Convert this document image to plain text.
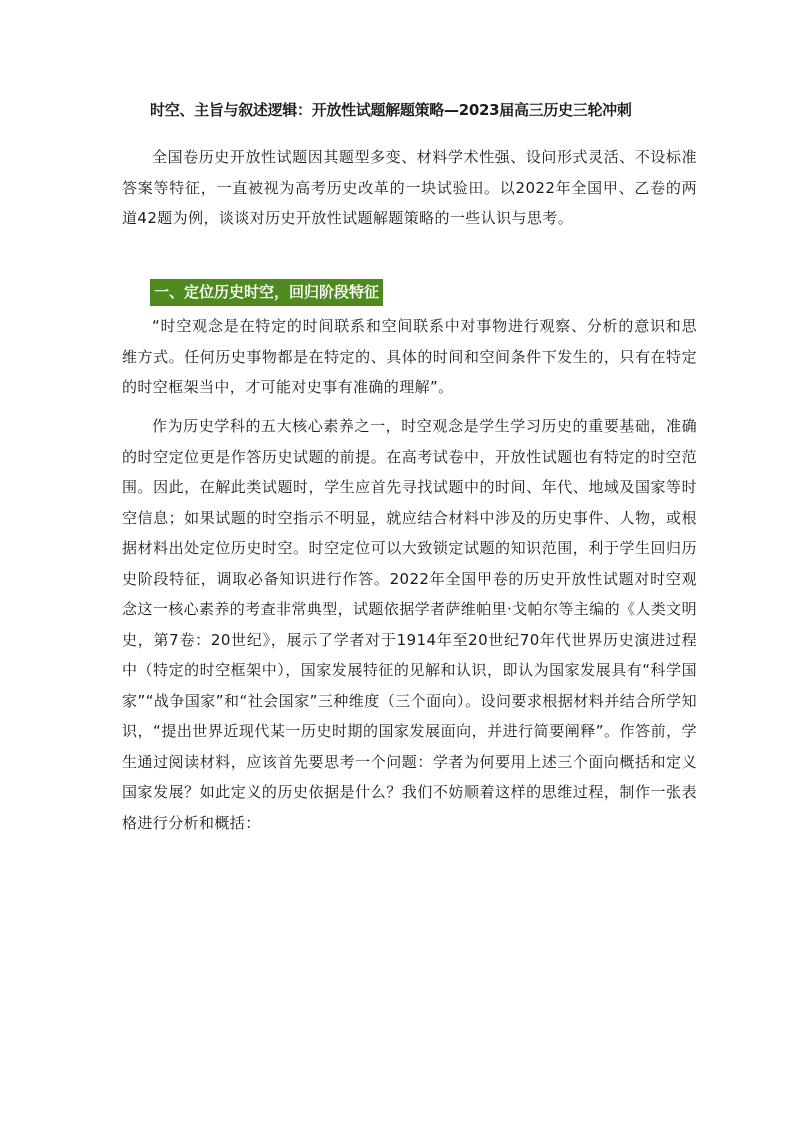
时空、主旨与叙述逻辑：开放性试题解题策略—2023届高三历史三轮冲刺

全国卷历史开放性试题因其题型多变、材料学术性强、设问形式灵活、不设标准答案等特征，一直被视为高考历史改革的一块试验田。以2022年全国甲、乙卷的两道42题为例，谈谈对历史开放性试题解题策略的一些认识与思考。

一、定位历史时空，回归阶段特征

“时空观念是在特定的时间联系和空间联系中对事物进行观察、分析的意识和思维方式。任何历史事物都是在特定的、具体的时间和空间条件下发生的，只有在特定的时空框架当中，才可能对史事有准确的理解”。

作为历史学科的五大核心素养之一，时空观念是学生学习历史的重要基础，准确的时空定位更是作答历史试题的前提。在高考试卷中，开放性试题也有特定的时空范围。因此，在解此类试题时，学生应首先寻找试题中的时间、年代、地域及国家等时空信息；如果试题的时空指示不明显，就应结合材料中涉及的历史事件、人物，或根据材料出处定位历史时空。时空定位可以大致锁定试题的知识范围，利于学生回归历史阶段特征，调取必备知识进行作答。2022年全国甲卷的历史开放性试题对时空观念这一核心素养的考查非常典型，试题依据学者萨维帕里·戈帕尔等主编的《人类文明史，第7卷：20世纪》，展示了学者对于1914年至20世纪70年代世界历史演进过程中（特定的时空框架中），国家发展特征的见解和认识，即认为国家发展具有“科学国家”“战争国家”和“社会国家”三种维度（三个面向）。设问要求根据材料并结合所学知识，“提出世界近现代某一历史时期的国家发展面向，并进行简要阐释”。作答前，学生通过阅读材料，应该首先要思考一个问题：学者为何要用上述三个面向概括和定义国家发展？如此定义的历史依据是什么？我们不妨顺着这样的思维过程，制作一张表格进行分析和概括：
